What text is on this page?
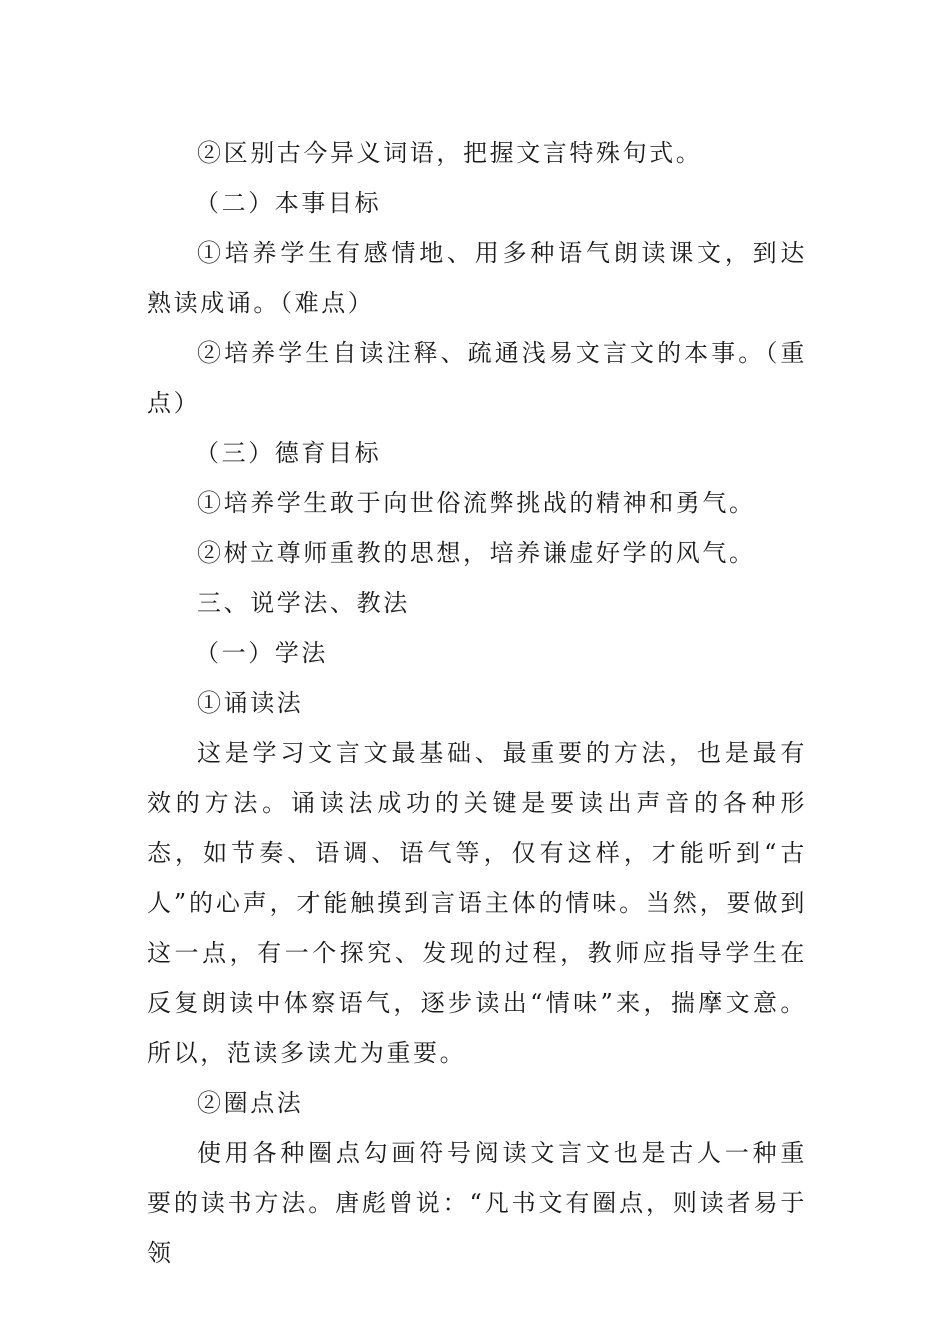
②区别古今异义词语，把握文言特殊句式。

（二）本事目标

①培养学生有感情地、用多种语气朗读课文，到达熟读成诵。（难点）

②培养学生自读注释、疏通浅易文言文的本事。（重点）

（三）德育目标

①培养学生敢于向世俗流弊挑战的精神和勇气。

②树立尊师重教的思想，培养谦虚好学的风气。

三、说学法、教法

（一）学法

①诵读法

这是学习文言文最基础、最重要的方法，也是最有效的方法。诵读法成功的关键是要读出声音的各种形态，如节奏、语调、语气等，仅有这样，才能听到“古人”的心声，才能触摸到言语主体的情味。当然，要做到这一点，有一个探究、发现的过程，教师应指导学生在反复朗读中体察语气，逐步读出“情味”来，揣摩文意。所以，范读多读尤为重要。

②圈点法

使用各种圈点勾画符号阅读文言文也是古人一种重要的读书方法。唐彪曾说：“凡书文有圈点，则读者易于领
